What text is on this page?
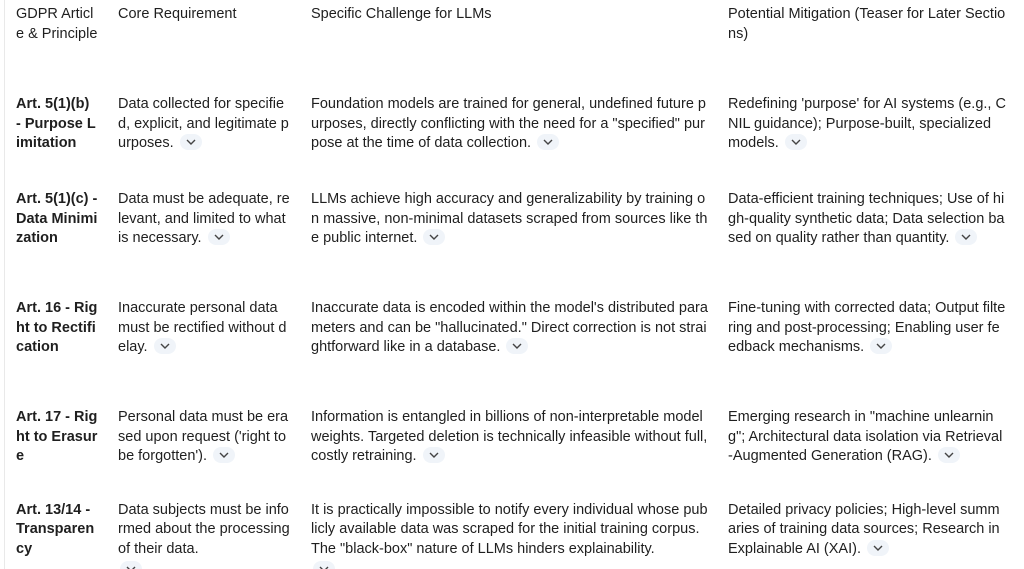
GDPR Article & Principle	Core Requirement	Specific Challenge for LLMs	Potential Mitigation (Teaser for Later Sections)
Art. 5(1)(b) - Purpose Limitation	Data collected for specified, explicit, and legitimate purposes.	Foundation models are trained for general, undefined future purposes, directly conflicting with the need for a "specified" purpose at the time of data collection.	Redefining 'purpose' for AI systems (e.g., CNIL guidance); Purpose-built, specialized models.

Art. 5(1)(c) - Data Minimization	Data must be adequate, relevant, and limited to what is necessary.	LLMs achieve high accuracy and generalizability by training on massive, non-minimal datasets scraped from sources like the public internet.	Data-efficient training techniques; Use of high-quality synthetic data; Data selection based on quality rather than quantity.

Art. 16 - Right to Rectification	Inaccurate personal data must be rectified without delay.	Inaccurate data is encoded within the model's distributed parameters and can be "hallucinated." Direct correction is not straightforward like in a database.	Fine-tuning with corrected data; Output filtering and post-processing; Enabling user feedback mechanisms.

Art. 17 - Right to Erasure	Personal data must be erased upon request ('right to be forgotten').	Information is entangled in billions of non-interpretable model weights. Targeted deletion is technically infeasible without full, costly retraining.	Emerging research in "machine unlearning"; Architectural data isolation via Retrieval-Augmented Generation (RAG).

Art. 13/14 - Transparency	Data subjects must be informed about the processing of their data.	It is practically impossible to notify every individual whose publicly available data was scraped for the initial training corpus. The "black-box" nature of LLMs hinders explainability.	Detailed privacy policies; High-level summaries of training data sources; Research in Explainable AI (XAI).
